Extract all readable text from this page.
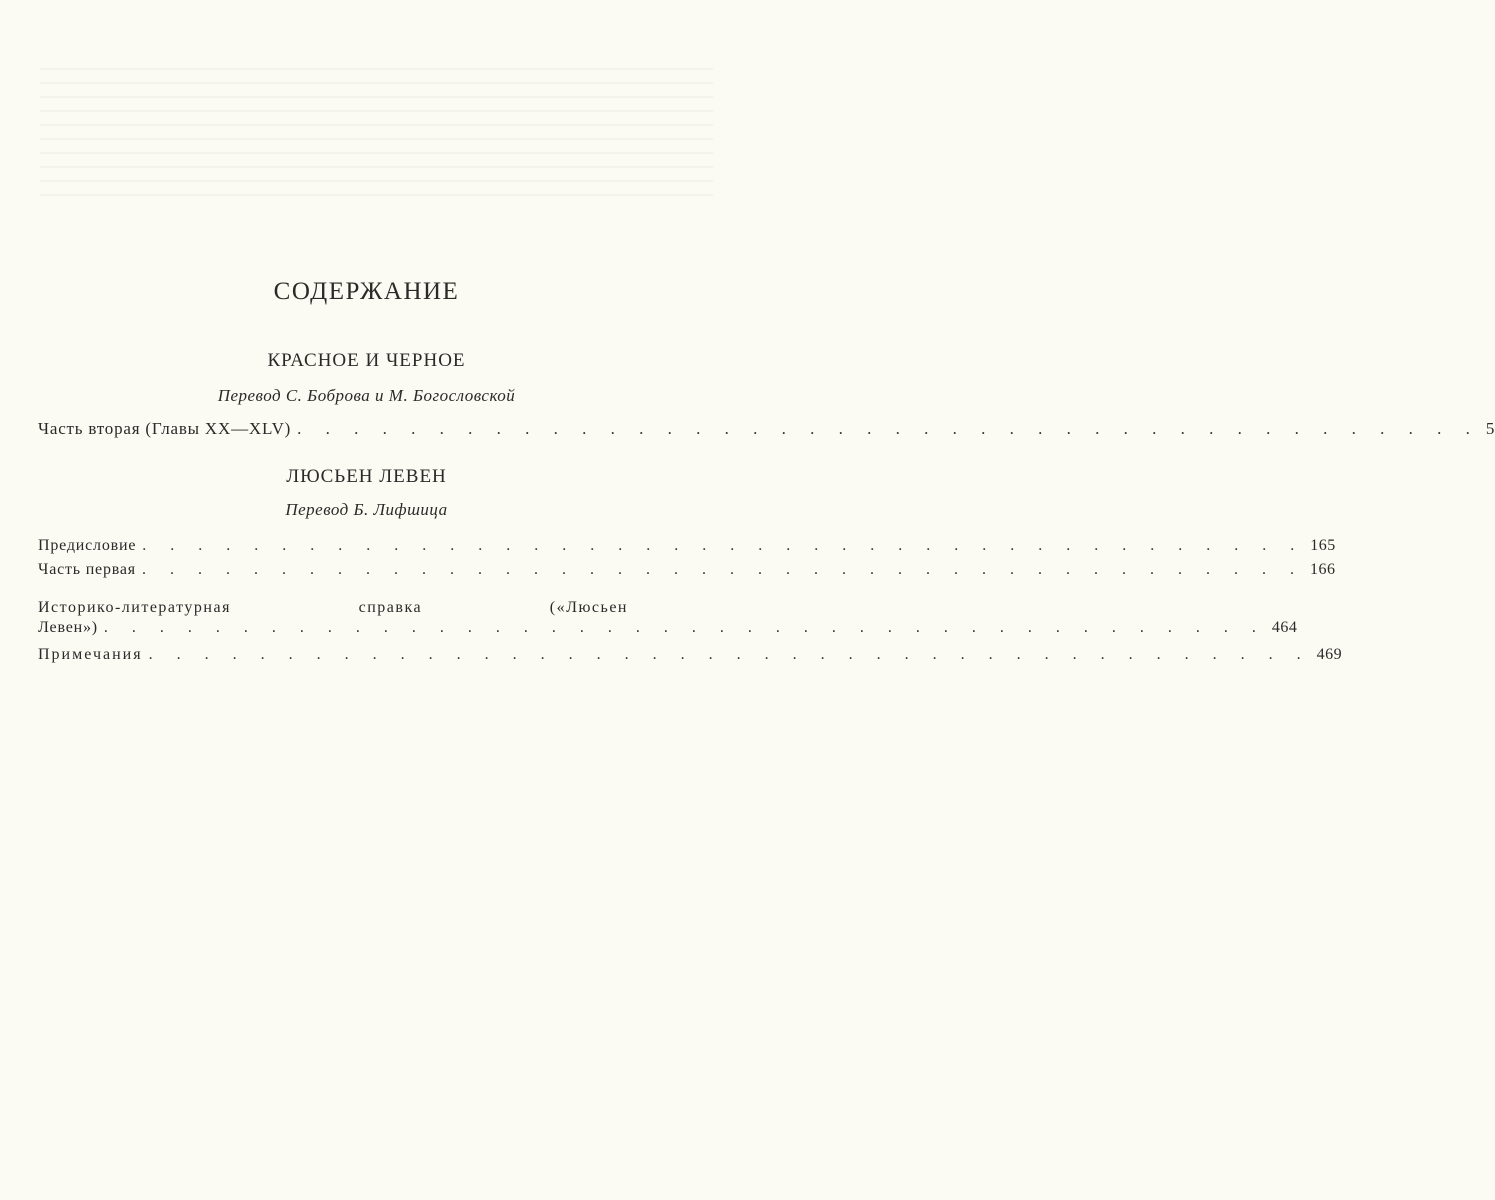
СОДЕРЖАНИЕ
КРАСНОЕ И ЧЕРНОЕ
Перевод С. Боброва и М. Богословской
Часть вторая (Главы XX—XLV) . . . . . . . . . . . . . . . . . . . . . . . . . . . . . . . . . . . . . . . . . . 5
ЛЮСЬЕН ЛЕВЕН
Перевод Б. Лифшица
Предисловие . . . . . . . . . . . . . . . . . . . . . . . . . . . . . . . . . . . . . . . . . . 165
Часть первая . . . . . . . . . . . . . . . . . . . . . . . . . . . . . . . . . . . . . . . . . . 166
Историко-литературная справка («Люсьен
Левен») . . . . . . . . . . . . . . . . . . . . . . . . . . . . . . . . . . . . . . . . . . 464
Примечания . . . . . . . . . . . . . . . . . . . . . . . . . . . . . . . . . . . . . . . . . . 469
